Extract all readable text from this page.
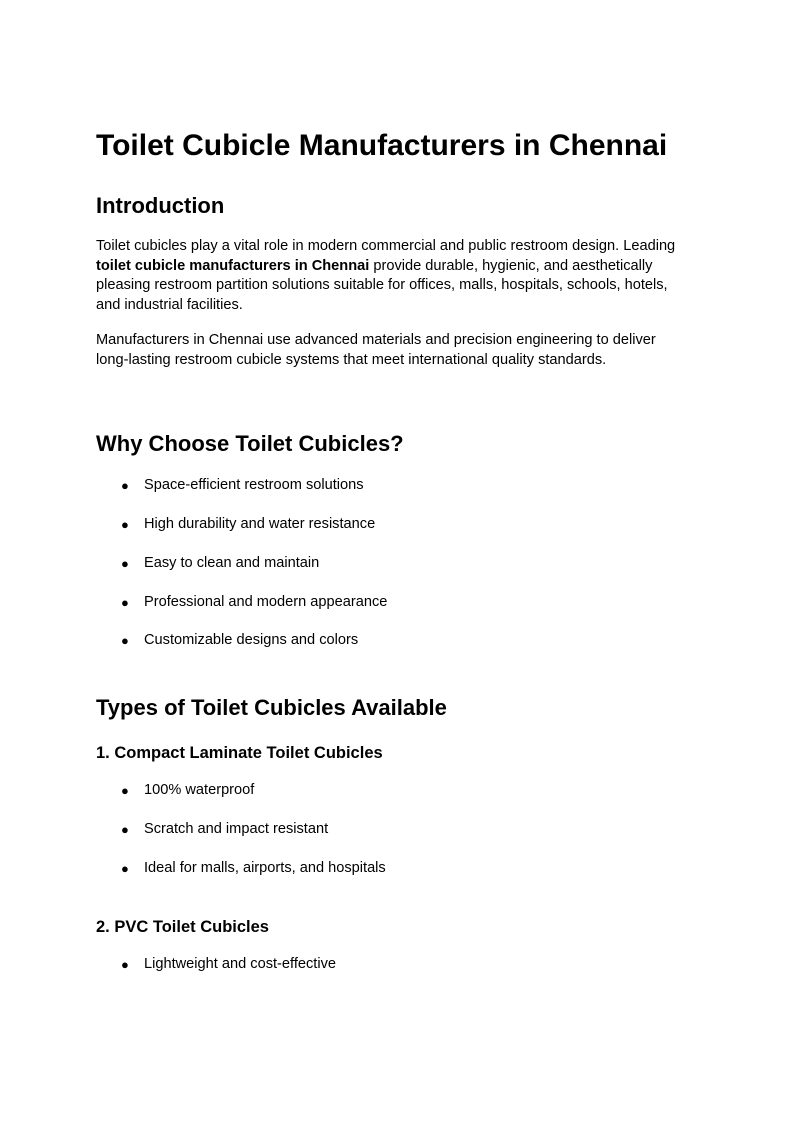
Toilet Cubicle Manufacturers in Chennai
Introduction

Toilet cubicles play a vital role in modern commercial and public restroom design. Leading toilet cubicle manufacturers in Chennai provide durable, hygienic, and aesthetically pleasing restroom partition solutions suitable for offices, malls, hospitals, schools, hotels, and industrial facilities.

Manufacturers in Chennai use advanced materials and precision engineering to deliver long-lasting restroom cubicle systems that meet international quality standards.

Why Choose Toilet Cubicles?
● Space-efficient restroom solutions
● High durability and water resistance
● Easy to clean and maintain
● Professional and modern appearance
● Customizable designs and colors
Types of Toilet Cubicles Available
1. Compact Laminate Toilet Cubicles
● 100% waterproof
● Scratch and impact resistant
● Ideal for malls, airports, and hospitals
2. PVC Toilet Cubicles
● Lightweight and cost-effective
